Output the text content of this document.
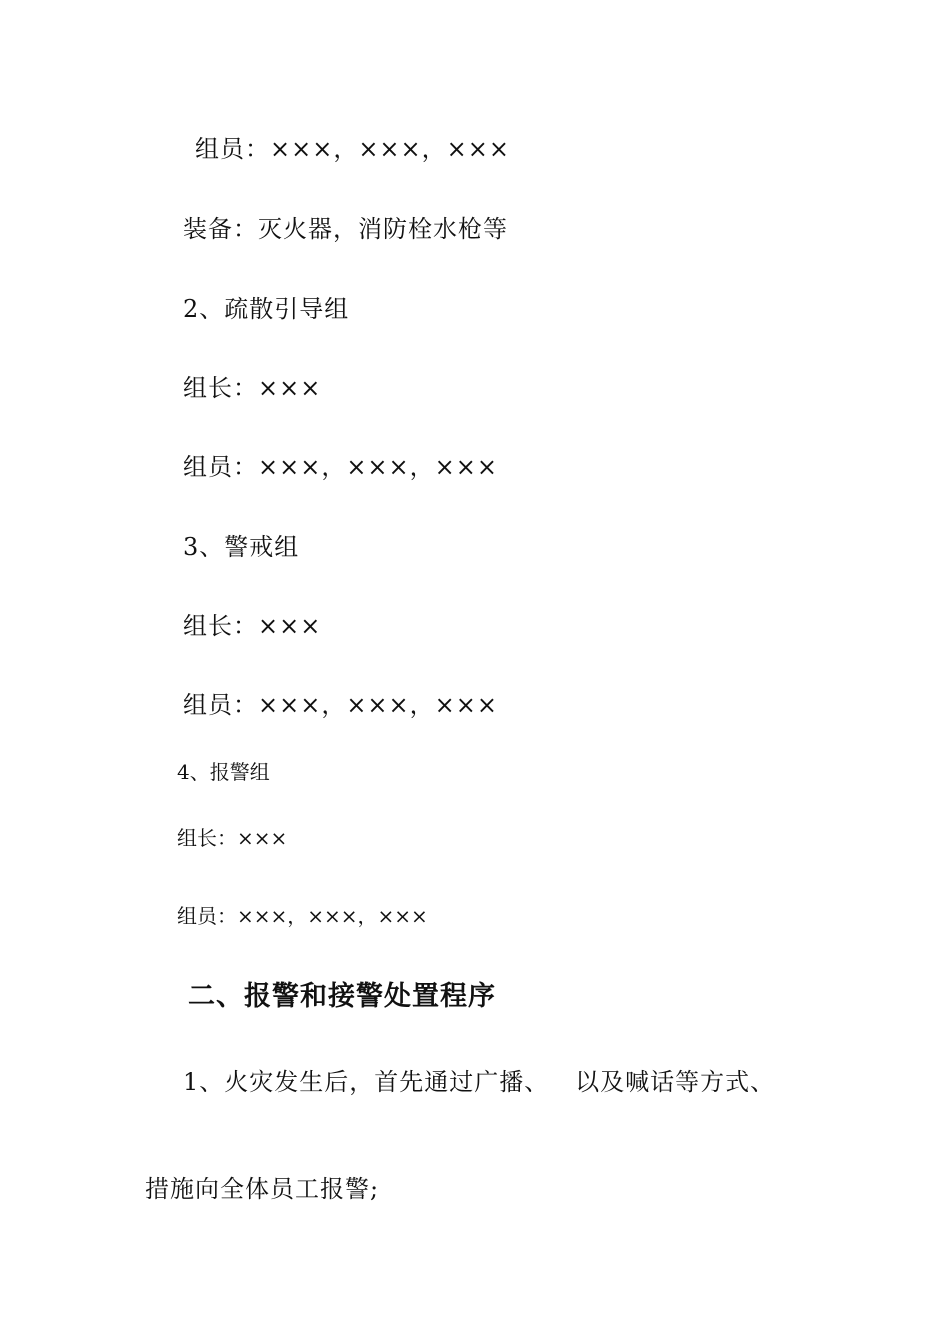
组员：×××，×××，×××
装备：灭火器，消防栓水枪等
2、疏散引导组
组长：×××
组员：×××，×××，×××
3、警戒组
组长：×××
组员：×××，×××，×××
4、报警组
组长：×××
组员：×××，×××，×××
二、报警和接警处置程序
1、火灾发生后，首先通过广播、   以及喊话等方式、
措施向全体员工报警;
